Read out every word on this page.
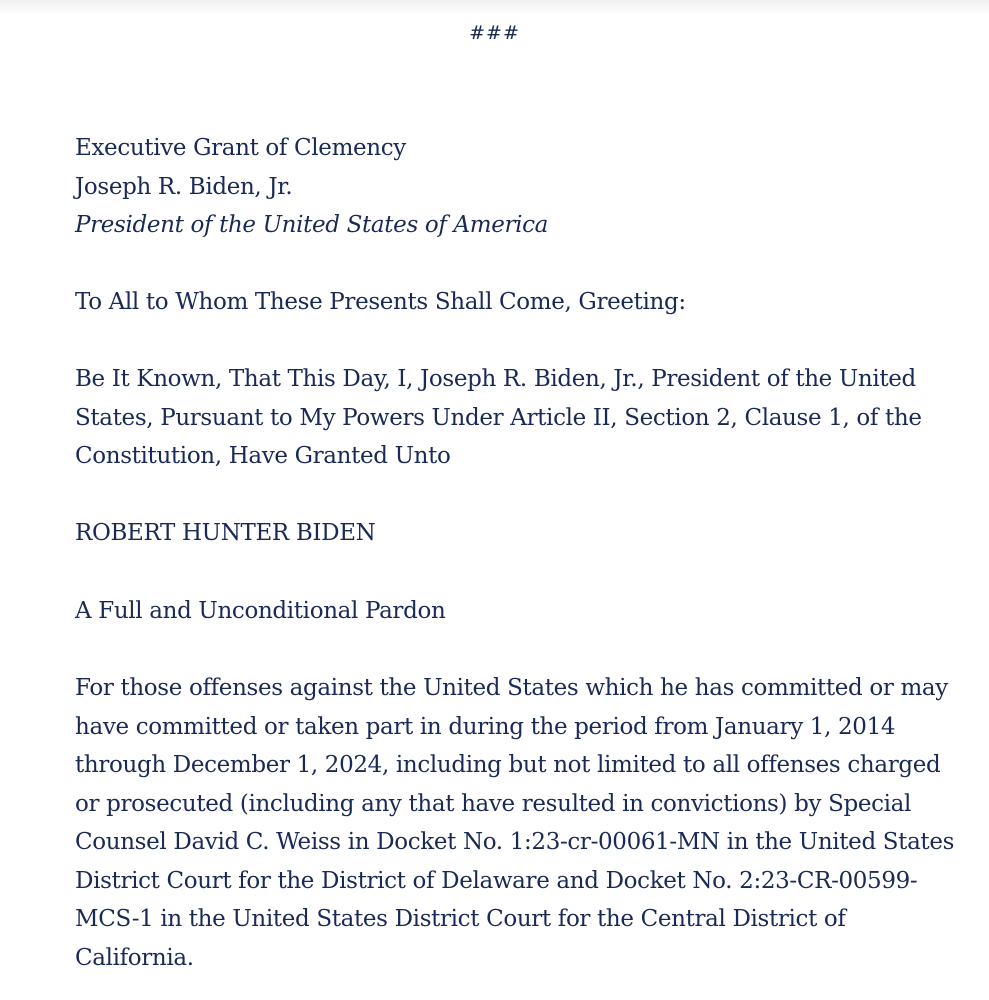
###
Executive Grant of Clemency
Joseph R. Biden, Jr.
President of the United States of America
To All to Whom These Presents Shall Come, Greeting:
Be It Known, That This Day, I, Joseph R. Biden, Jr., President of the United
States, Pursuant to My Powers Under Article II, Section 2, Clause 1, of the
Constitution, Have Granted Unto
ROBERT HUNTER BIDEN
A Full and Unconditional Pardon
For those offenses against the United States which he has committed or may
have committed or taken part in during the period from January 1, 2014
through December 1, 2024, including but not limited to all offenses charged
or prosecuted (including any that have resulted in convictions) by Special
Counsel David C. Weiss in Docket No. 1:23-cr-00061-MN in the United States
District Court for the District of Delaware and Docket No. 2:23-CR-00599-
MCS-1 in the United States District Court for the Central District of
California.
